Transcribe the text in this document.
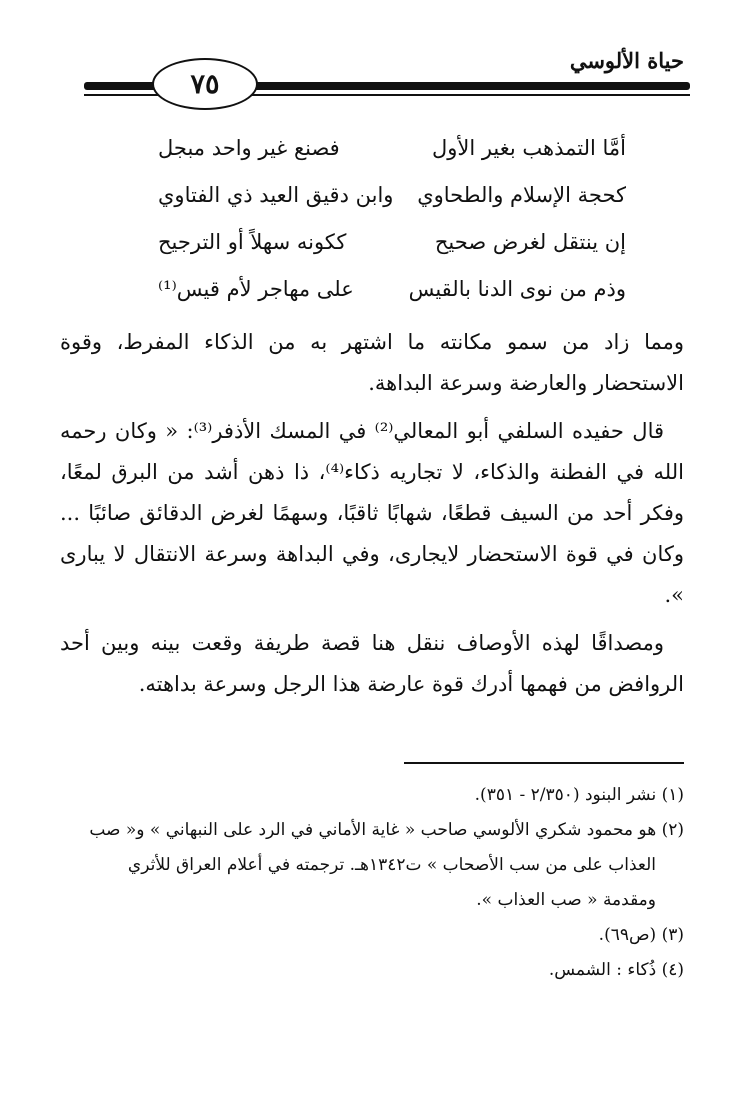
حياة الألوسي
٧٥
أمَّا التمذهب بغير الأول
فصنع غير واحد مبجل
كحجة الإسلام والطحاوي
وابن دقيق العيد ذي الفتاوي
إن ينتقل لغرض صحيح
ككونه سهلاً أو الترجيح
وذم من نوى الدنا بالقيس
على مهاجر لأم قيس⁽¹⁾

ومما زاد من سمو مكانته ما اشتهر به من الذكاء المفرط، وقوة الاستحضار والعارضة وسرعة البداهة.

قال حفيده السلفي أبو المعالي⁽²⁾ في المسك الأذفر⁽³⁾: « وكان رحمه الله في الفطنة والذكاء، لا تجاريه ذكاء⁽⁴⁾، ذا ذهن أشد من البرق لمعًا، وفكر أحد من السيف قطعًا، شهابًا ثاقبًا، وسهمًا لغرض الدقائق صائبًا ... وكان في قوة الاستحضار لايجارى، وفي البداهة وسرعة الانتقال لا يبارى ».

ومصداقًا لهذه الأوصاف ننقل هنا قصة طريفة وقعت بينه وبين أحد الروافض من فهمها أدرك قوة عارضة هذا الرجل وسرعة بداهته.

(١) نشر البنود (٢/٣٥٠ - ٣٥١).
(٢) هو محمود شكري الألوسي صاحب « غاية الأماني في الرد على النبهاني » و« صب
العذاب على من سب الأصحاب » ت١٣٤٢هـ. ترجمته في أعلام العراق للأثري
ومقدمة « صب العذاب ».
(٣) (ص٦٩).
(٤) ذُكاء : الشمس.
